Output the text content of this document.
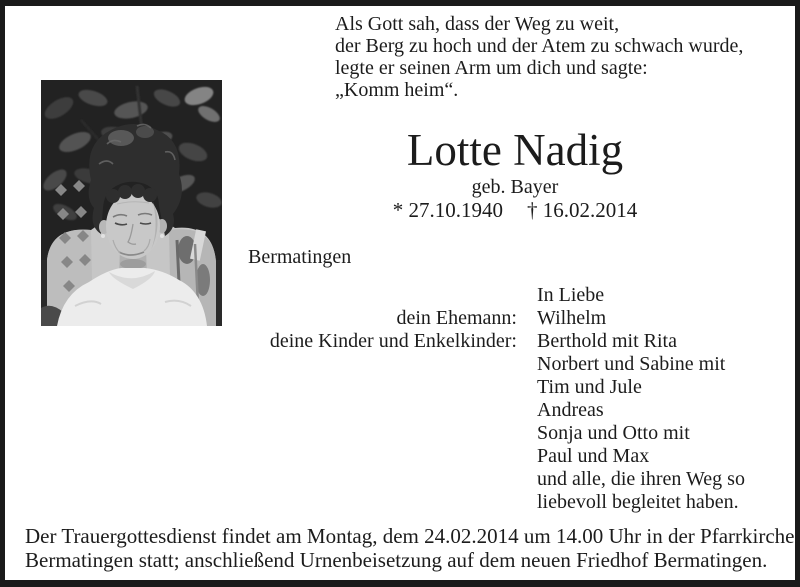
Als Gott sah, dass der Weg zu weit,
der Berg zu hoch und der Atem zu schwach wurde,
legte er seinen Arm um dich und sagte:
„Komm heim“.
Lotte Nadig
geb. Bayer
* 27.10.1940 † 16.02.2014
Bermatingen
In Liebe
dein Ehemann: Wilhelm
deine Kinder und Enkelkinder: Berthold mit Rita
Norbert und Sabine mit
Tim und Jule
Andreas
Sonja und Otto mit
Paul und Max
und alle, die ihren Weg so
liebevoll begleitet haben.
Der Trauergottesdienst findet am Montag, dem 24.02.2014 um 14.00 Uhr in der Pfarrkirche
Bermatingen statt; anschließend Urnenbeisetzung auf dem neuen Friedhof Bermatingen.
